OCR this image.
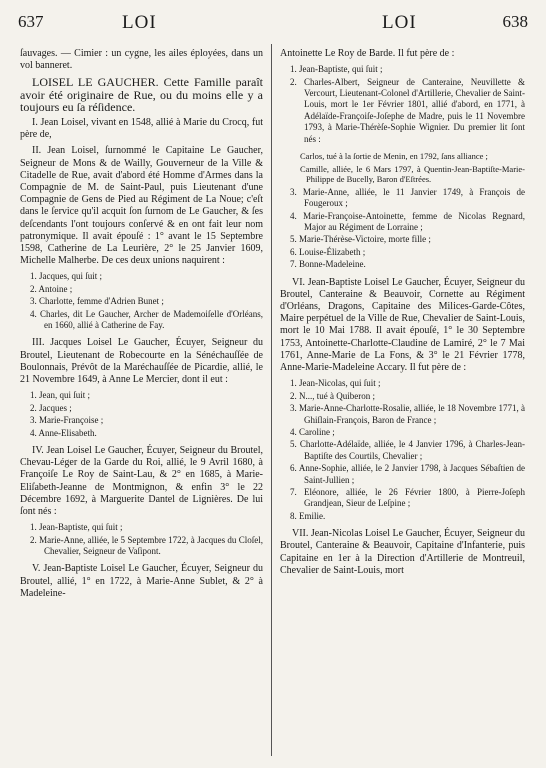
637	LOI	LOI	638

ſauvages. — Cimier : un cygne, les ailes éployées, dans un vol banneret.

LOISEL LE GAUCHER. Cette Famille paraît avoir été originaire de Rue, ou du moins elle y a toujours eu ſa réſidence.

I. Jean Loisel, vivant en 1548, allié à Marie du Crocq, fut père de,

II. Jean Loisel, ſurnommé le Capitaine Le Gaucher, Seigneur de Mons & de Wailly, Gouverneur de la Ville & Citadelle de Rue, avait d'abord été Homme d'Armes dans la Compagnie de M. de Saint-Paul, puis Lieutenant d'une Compagnie de Gens de Pied au Régiment de La Noue; c'eſt dans le ſervice qu'il acquit ſon ſurnom de Le Gaucher, & ſes deſcendants l'ont toujours conſervé & en ont fait leur nom patronymique. Il avait épouſé : 1° avant le 15 Septembre 1598, Catherine de La Leurière, 2° le 25 Janvier 1609, Michelle Malherbe. De ces deux unions naquirent :

1. Jacques, qui ſuit ;
2. Antoine ;
3. Charlotte, femme d'Adrien Bunet ;
4. Charles, dit Le Gaucher, Archer de Mademoiſelle d'Orléans, en 1660, allié à Catherine de Fay.

III. Jacques Loisel Le Gaucher, Écuyer, Seigneur du Broutel, Lieutenant de Robecourte en la Sénéchauſſée de Boulonnais, Prévôt de la Maréchauſſée de Picardie, allié, le 21 Novembre 1649, à Anne Le Mercier, dont il eut :

1. Jean, qui ſuit ;
2. Jacques ;
3. Marie-Françoise ;
4. Anne-Elisabeth.

IV. Jean Loisel Le Gaucher, Écuyer, Seigneur du Broutel, Chevau-Léger de la Garde du Roi, allié, le 9 Avril 1680, à Françoiſe Le Roy de Saint-Lau, & 2° en 1685, à Marie-Eliſabeth-Jeanne de Montmignon, & enfin 3° le 22 Décembre 1692, à Marguerite Dantel de Lignières. De lui ſont nés :

1. Jean-Baptiste, qui ſuit ;
2. Marie-Anne, alliée, le 5 Septembre 1722, à Jacques du Cloſel, Chevalier, Seigneur de Vaſipont.

V. Jean-Baptiste Loisel Le Gaucher, Écuyer, Seigneur du Broutel, allié, 1° en 1722, à Marie-Anne Sublet, & 2° à Madeleine-

Antoinette Le Roy de Barde. Il fut père de :

1. Jean-Baptiste, qui ſuit ;
2. Charles-Albert, Seigneur de Canteraine, Neuvillette & Vercourt, Lieutenant-Colonel d'Artillerie, Chevalier de Saint-Louis, mort le 1er Février 1801, allié d'abord, en 1771, à Adélaïde-Françoiſe-Joſephe de Madre, puis le 11 Novembre 1793, à Marie-Thérèſe-Sophie Wignier. Du premier lit ſont nés :
Carlos, tué à la ſortie de Menin, en 1792, ſans alliance ;
Camille, alliée, le 6 Mars 1797, à Quentin-Jean-Baptiſte-Marie-Philippe de Bucelly, Baron d'Eſtrées.
3. Marie-Anne, alliée, le 11 Janvier 1749, à François de Fougeroux ;
4. Marie-Françoise-Antoinette, femme de Nicolas Regnard, Major au Régiment de Lorraine ;
5. Marie-Thérèse-Victoire, morte fille ;
6. Louise-Élizabeth ;
7. Bonne-Madeleine.

VI. Jean-Baptiste Loisel Le Gaucher, Écuyer, Seigneur du Broutel, Canteraine & Beauvoir, Cornette au Régiment d'Orléans, Dragons, Capitaine des Milices-Garde-Côtes, Maire perpétuel de la Ville de Rue, Chevalier de Saint-Louis, mort le 10 Mai 1788. Il avait épouſé, 1° le 30 Septembre 1753, Antoinette-Charlotte-Claudine de Lamiré, 2° le 7 Mai 1761, Anne-Marie de La Fons, & 3° le 21 Février 1778, Anne-Marie-Madeleine Accary. Il fut père de :

1. Jean-Nicolas, qui ſuit ;
2. N..., tué à Quiberon ;
3. Marie-Anne-Charlotte-Rosalie, alliée, le 18 Novembre 1771, à Ghiſlain-François, Baron de France ;
4. Caroline ;
5. Charlotte-Adélaïde, alliée, le 4 Janvier 1796, à Charles-Jean-Baptiſte des Courtils, Chevalier ;
6. Anne-Sophie, alliée, le 2 Janvier 1798, à Jacques Sébaſtien de Saint-Jullien ;
7. Eléonore, alliée, le 26 Février 1800, à Pierre-Joſeph Grandjean, Sieur de Leſpine ;
8. Emilie.

VII. Jean-Nicolas Loisel Le Gaucher, Écuyer, Seigneur du Broutel, Canteraine & Beauvoir, Capitaine d'Infanterie, puis Capitaine en 1er à la Direction d'Artillerie de Montreuil, Chevalier de Saint-Louis, mort
